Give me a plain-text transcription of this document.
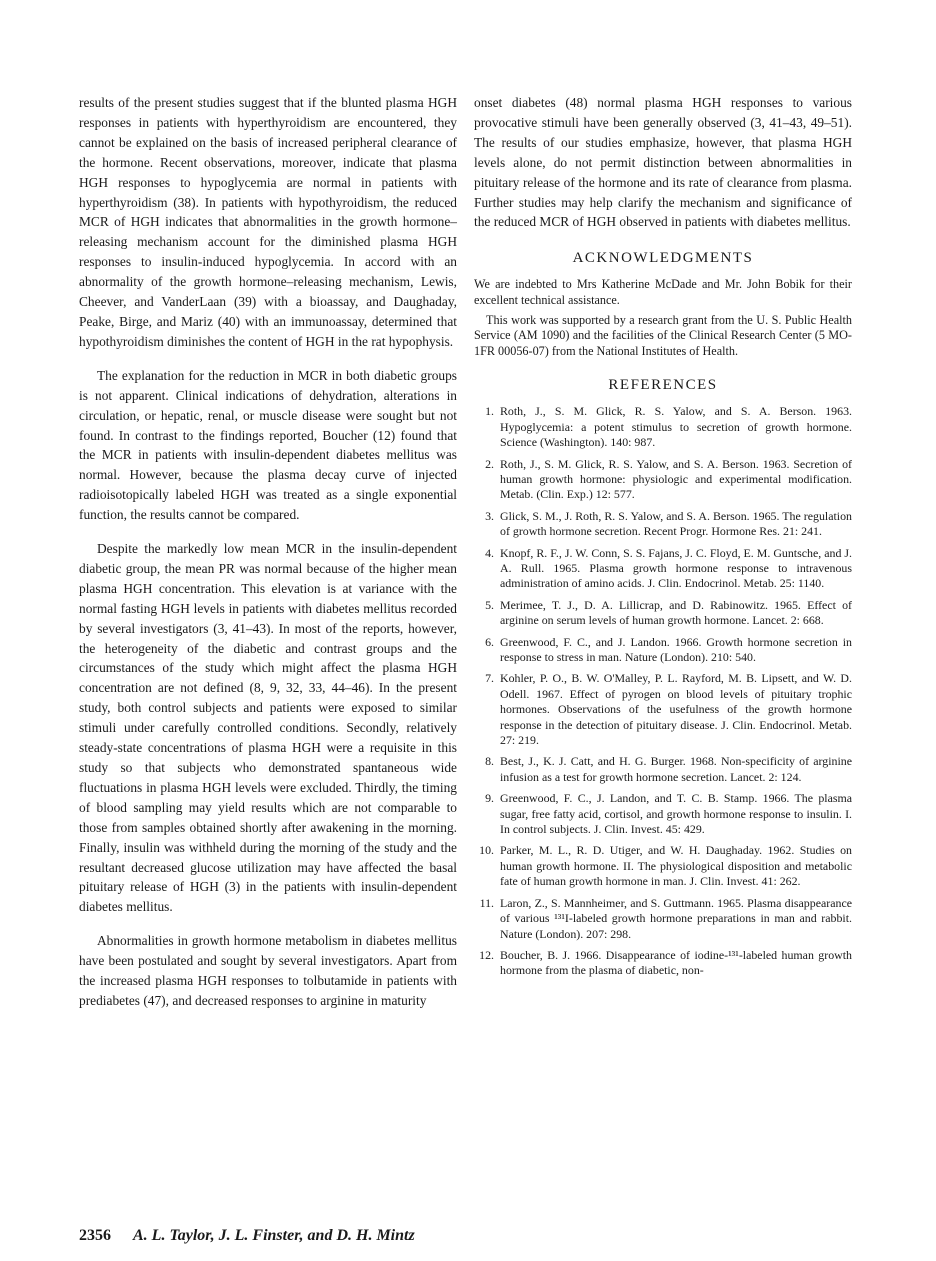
results of the present studies suggest that if the blunted plasma HGH responses in patients with hyperthyroidism are encountered, they cannot be explained on the basis of increased peripheral clearance of the hormone. Recent observations, moreover, indicate that plasma HGH responses to hypoglycemia are normal in patients with hyperthyroidism (38). In patients with hypothyroidism, the reduced MCR of HGH indicates that abnormalities in the growth hormone–releasing mechanism account for the diminished plasma HGH responses to insulin-induced hypoglycemia. In accord with an abnormality of the growth hormone–releasing mechanism, Lewis, Cheever, and VanderLaan (39) with a bioassay, and Daughaday, Peake, Birge, and Mariz (40) with an immunoassay, determined that hypothyroidism diminishes the content of HGH in the rat hypophysis.

The explanation for the reduction in MCR in both diabetic groups is not apparent. Clinical indications of dehydration, alterations in circulation, or hepatic, renal, or muscle disease were sought but not found. In contrast to the findings reported, Boucher (12) found that the MCR in patients with insulin-dependent diabetes mellitus was normal. However, because the plasma decay curve of injected radioisotopically labeled HGH was treated as a single exponential function, the results cannot be compared.

Despite the markedly low mean MCR in the insulin-dependent diabetic group, the mean PR was normal because of the higher mean plasma HGH concentration. This elevation is at variance with the normal fasting HGH levels in patients with diabetes mellitus recorded by several investigators (3, 41–43). In most of the reports, however, the heterogeneity of the diabetic and contrast groups and the circumstances of the study which might affect the plasma HGH concentration are not defined (8, 9, 32, 33, 44–46). In the present study, both control subjects and patients were exposed to similar stimuli under carefully controlled conditions. Secondly, relatively steady-state concentrations of plasma HGH were a requisite in this study so that subjects who demonstrated spantaneous wide fluctuations in plasma HGH levels were excluded. Thirdly, the timing of blood sampling may yield results which are not comparable to those from samples obtained shortly after awakening in the morning. Finally, insulin was withheld during the morning of the study and the resultant decreased glucose utilization may have affected the basal pituitary release of HGH (3) in the patients with insulin-dependent diabetes mellitus.

Abnormalities in growth hormone metabolism in diabetes mellitus have been postulated and sought by several investigators. Apart from the increased plasma HGH responses to tolbutamide in patients with prediabetes (47), and decreased responses to arginine in maturity

onset diabetes (48) normal plasma HGH responses to various provocative stimuli have been generally observed (3, 41–43, 49–51). The results of our studies emphasize, however, that plasma HGH levels alone, do not permit distinction between abnormalities in pituitary release of the hormone and its rate of clearance from plasma. Further studies may help clarify the mechanism and significance of the reduced MCR of HGH observed in patients with diabetes mellitus.

ACKNOWLEDGMENTS

We are indebted to Mrs Katherine McDade and Mr. John Bobik for their excellent technical assistance.

This work was supported by a research grant from the U. S. Public Health Service (AM 1090) and the facilities of the Clinical Research Center (5 MO-1FR 00056-07) from the National Institutes of Health.

REFERENCES
1. Roth, J., S. M. Glick, R. S. Yalow, and S. A. Berson. 1963. Hypoglycemia: a potent stimulus to secretion of growth hormone. Science (Washington). 140: 987.
2. Roth, J., S. M. Glick, R. S. Yalow, and S. A. Berson. 1963. Secretion of human growth hormone: physiologic and experimental modification. Metab. (Clin. Exp.) 12: 577.
3. Glick, S. M., J. Roth, R. S. Yalow, and S. A. Berson. 1965. The regulation of growth hormone secretion. Recent Progr. Hormone Res. 21: 241.
4. Knopf, R. F., J. W. Conn, S. S. Fajans, J. C. Floyd, E. M. Guntsche, and J. A. Rull. 1965. Plasma growth hormone response to intravenous administration of amino acids. J. Clin. Endocrinol. Metab. 25: 1140.
5. Merimee, T. J., D. A. Lillicrap, and D. Rabinowitz. 1965. Effect of arginine on serum levels of human growth hormone. Lancet. 2: 668.
6. Greenwood, F. C., and J. Landon. 1966. Growth hormone secretion in response to stress in man. Nature (London). 210: 540.
7. Kohler, P. O., B. W. O'Malley, P. L. Rayford, M. B. Lipsett, and W. D. Odell. 1967. Effect of pyrogen on blood levels of pituitary trophic hormones. Observations of the usefulness of the growth hormone response in the detection of pituitary disease. J. Clin. Endocrinol. Metab. 27: 219.
8. Best, J., K. J. Catt, and H. G. Burger. 1968. Non-specificity of arginine infusion as a test for growth hormone secretion. Lancet. 2: 124.
9. Greenwood, F. C., J. Landon, and T. C. B. Stamp. 1966. The plasma sugar, free fatty acid, cortisol, and growth hormone response to insulin. I. In control subjects. J. Clin. Invest. 45: 429.
10. Parker, M. L., R. D. Utiger, and W. H. Daughaday. 1962. Studies on human growth hormone. II. The physiological disposition and metabolic fate of human growth hormone in man. J. Clin. Invest. 41: 262.
11. Laron, Z., S. Mannheimer, and S. Guttmann. 1965. Plasma disappearance of various ¹³¹I-labeled growth hormone preparations in man and rabbit. Nature (London). 207: 298.
12. Boucher, B. J. 1966. Disappearance of iodine-¹³¹-labeled human growth hormone from the plasma of diabetic, non-
2356 A. L. Taylor, J. L. Finster, and D. H. Mintz
